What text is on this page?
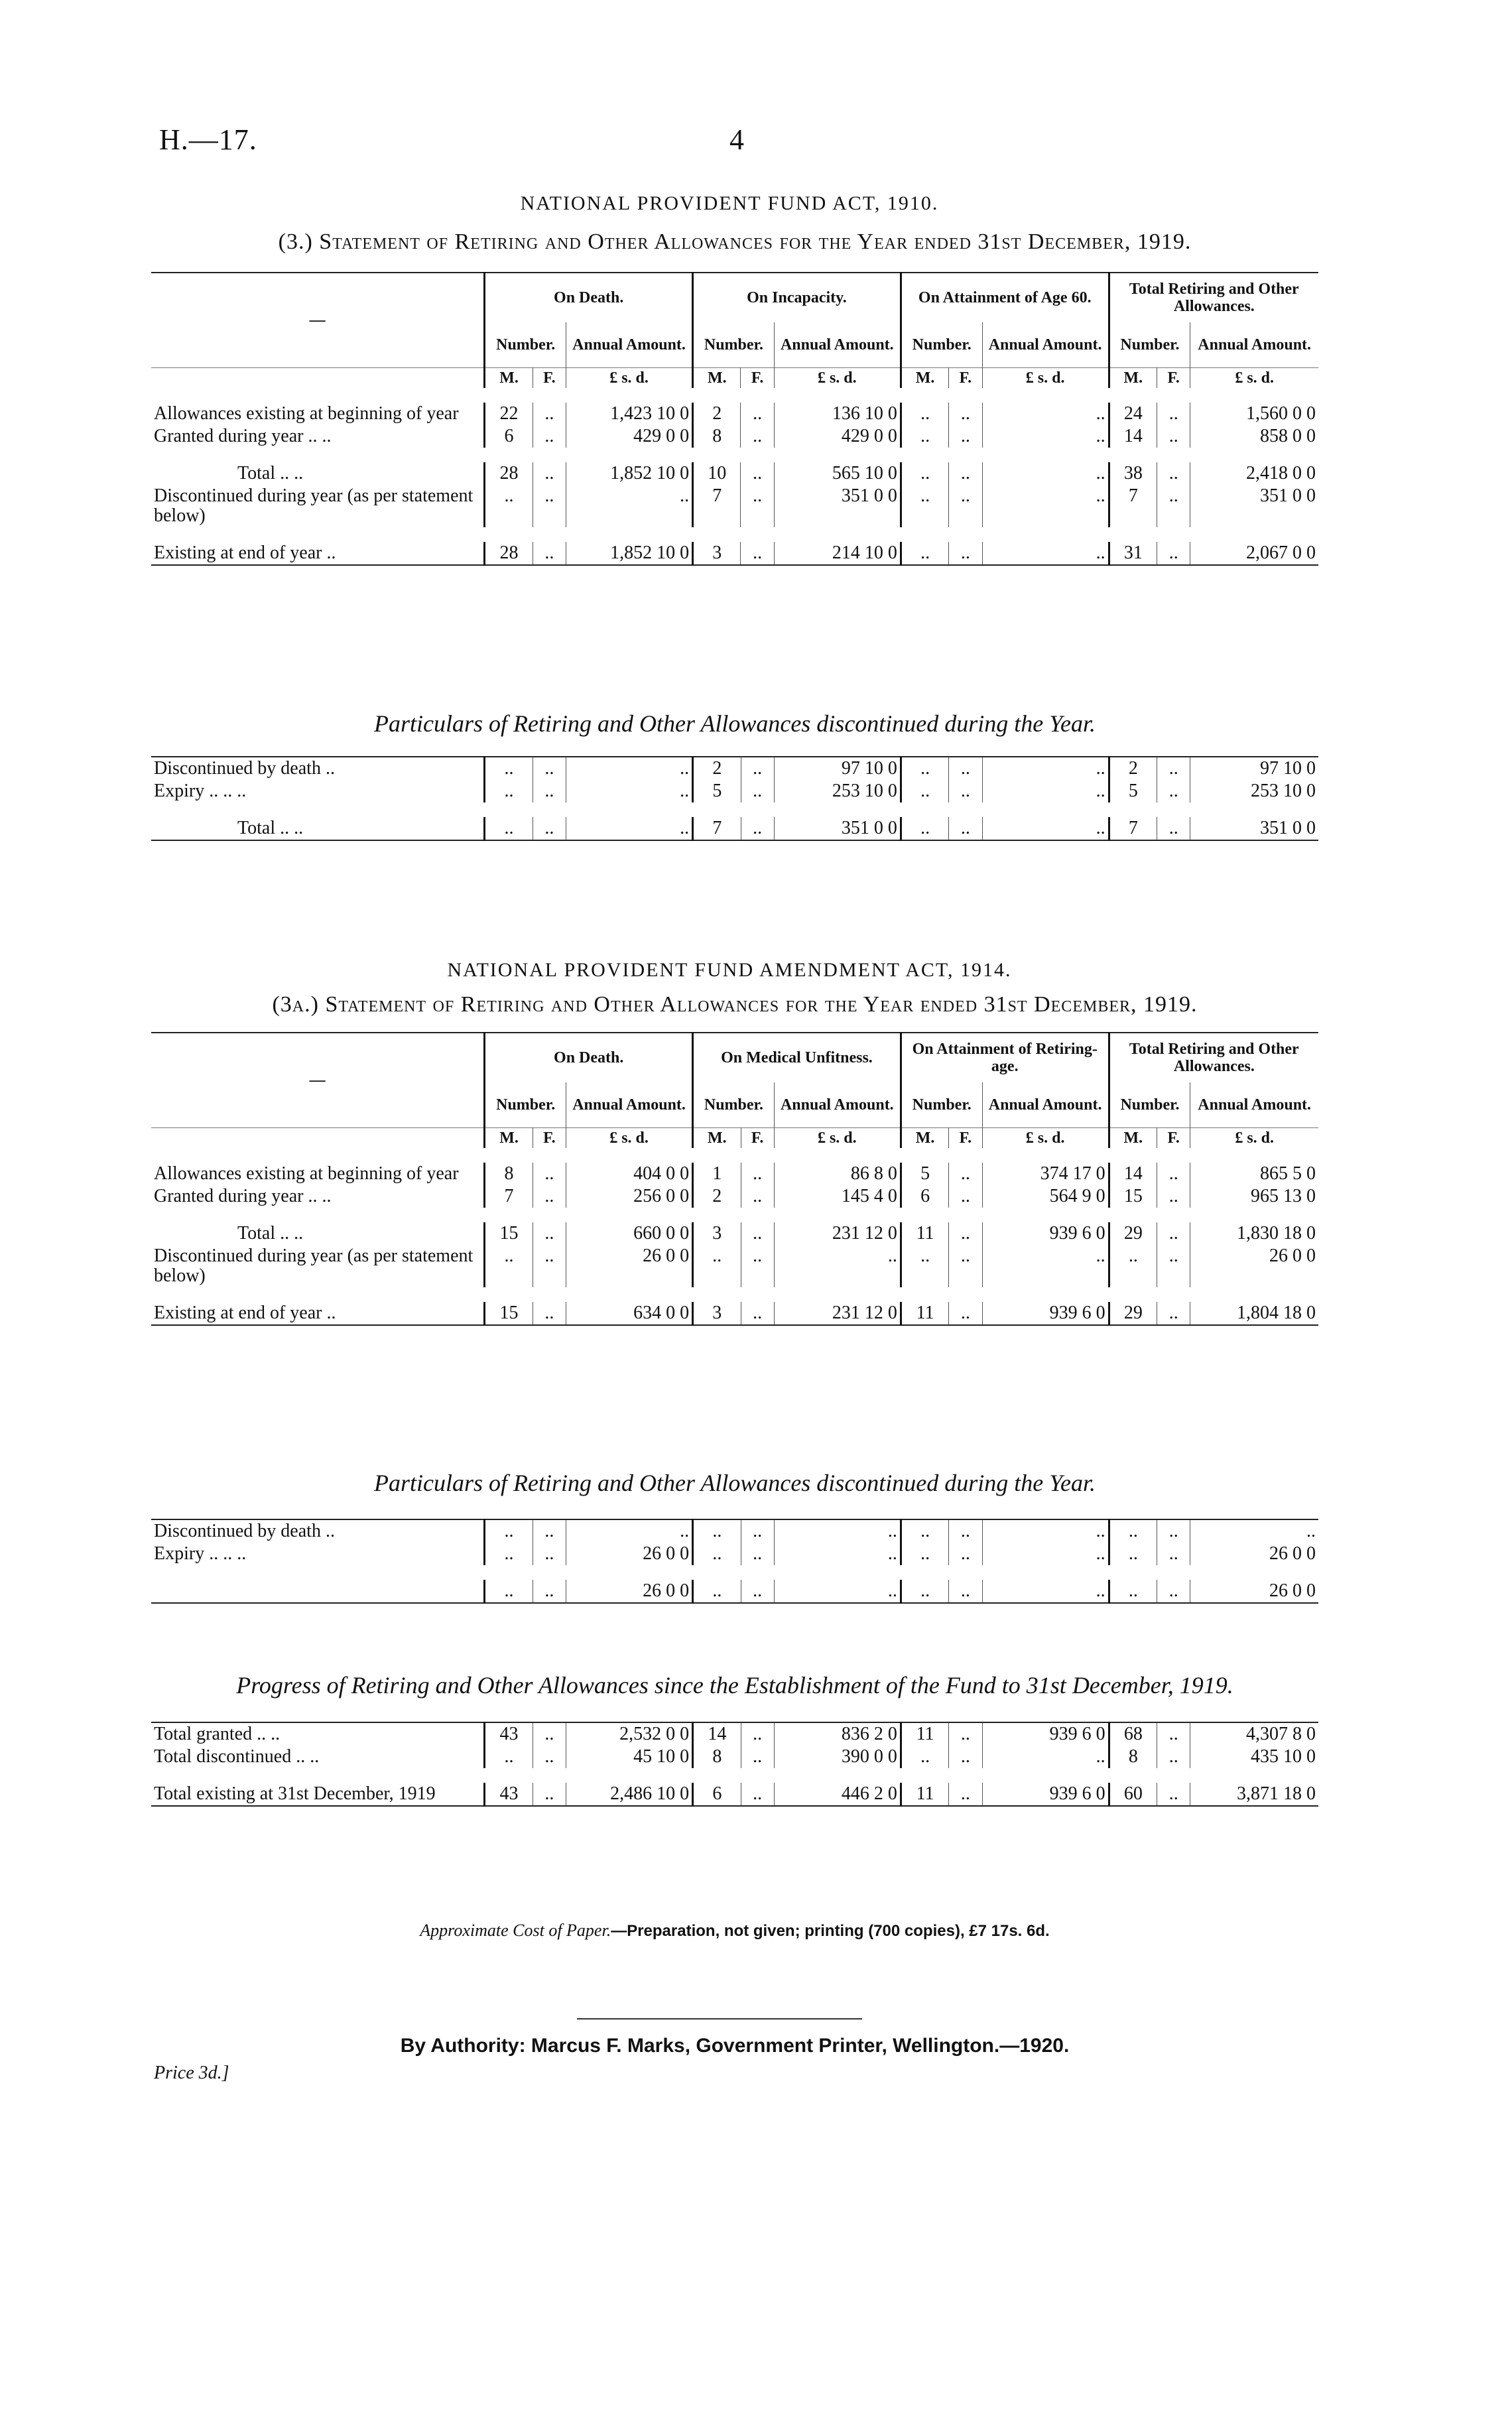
H.—17.	4
NATIONAL PROVIDENT FUND ACT, 1910.
(3.) Statement of Retiring and Other Allowances for the Year ended 31st December, 1919.
—	On Death.			On Incapacity.			On Attainment of Age 60.			Total Retiring and Other Allowances.		
	Number.		Annual Amount.	Number.		Annual Amount.	Number.		Annual Amount.	Number.		Annual Amount.
	M.	F.	£ s. d.	M.	F.	£ s. d.	M.	F.	£ s. d.	M.	F.	£ s. d.

Allowances existing at beginning of year	22	..	1,423 10 0	2	..	136 10 0	..	..	..	24	..	1,560 0 0
Granted during year .. ..	6	..	429 0 0	8	..	429 0 0	..	..	..	14	..	858 0 0

Total .. ..	28	..	1,852 10 0	10	..	565 10 0	..	..	..	38	..	2,418 0 0
Discontinued during year (as per statement below)	..	..	..	7	..	351 0 0	..	..	..	7	..	351 0 0

Existing at end of year ..	28	..	1,852 10 0	3	..	214 10 0	..	..	..	31	..	2,067 0 0
Particulars of Retiring and Other Allowances discontinued during the Year.
Discontinued by death ..	..	..	..	2	..	97 10 0	..	..	..	2	..	97 10 0
Expiry .. .. ..	..	..	..	5	..	253 10 0	..	..	..	5	..	253 10 0

Total .. ..	..	..	..	7	..	351 0 0	..	..	..	7	..	351 0 0
NATIONAL PROVIDENT FUND AMENDMENT ACT, 1914.
(3a.) Statement of Retiring and Other Allowances for the Year ended 31st December, 1919.
—	On Death.			On Medical Unfitness.			On Attainment of Retiring-age.			Total Retiring and Other Allowances.		
	Number.		Annual Amount.	Number.		Annual Amount.	Number.		Annual Amount.	Number.		Annual Amount.
	M.	F.	£ s. d.	M.	F.	£ s. d.	M.	F.	£ s. d.	M.	F.	£ s. d.

Allowances existing at beginning of year	8	..	404 0 0	1	..	86 8 0	5	..	374 17 0	14	..	865 5 0
Granted during year .. ..	7	..	256 0 0	2	..	145 4 0	6	..	564 9 0	15	..	965 13 0

Total .. ..	15	..	660 0 0	3	..	231 12 0	11	..	939 6 0	29	..	1,830 18 0
Discontinued during year (as per statement below)	..	..	26 0 0	..	..	..	..	..	..	..	..	26 0 0

Existing at end of year ..	15	..	634 0 0	3	..	231 12 0	11	..	939 6 0	29	..	1,804 18 0
Particulars of Retiring and Other Allowances discontinued during the Year.
Discontinued by death ..	..	..	..	..	..	..	..	..	..	..	..	..
Expiry .. .. ..	..	..	26 0 0	..	..	..	..	..	..	..	..	26 0 0

	..	..	26 0 0	..	..	..	..	..	..	..	..	26 0 0
Progress of Retiring and Other Allowances since the Establishment of the Fund to 31st December, 1919.
Total granted .. ..	43	..	2,532 0 0	14	..	836 2 0	11	..	939 6 0	68	..	4,307 8 0
Total discontinued .. ..	..	..	45 10 0	8	..	390 0 0	..	..	..	8	..	435 10 0

Total existing at 31st December, 1919	43	..	2,486 10 0	6	..	446 2 0	11	..	939 6 0	60	..	3,871 18 0
Approximate Cost of Paper.—Preparation, not given; printing (700 copies), £7 17s. 6d.
By Authority: Marcus F. Marks, Government Printer, Wellington.—1920.
Price 3d.]
